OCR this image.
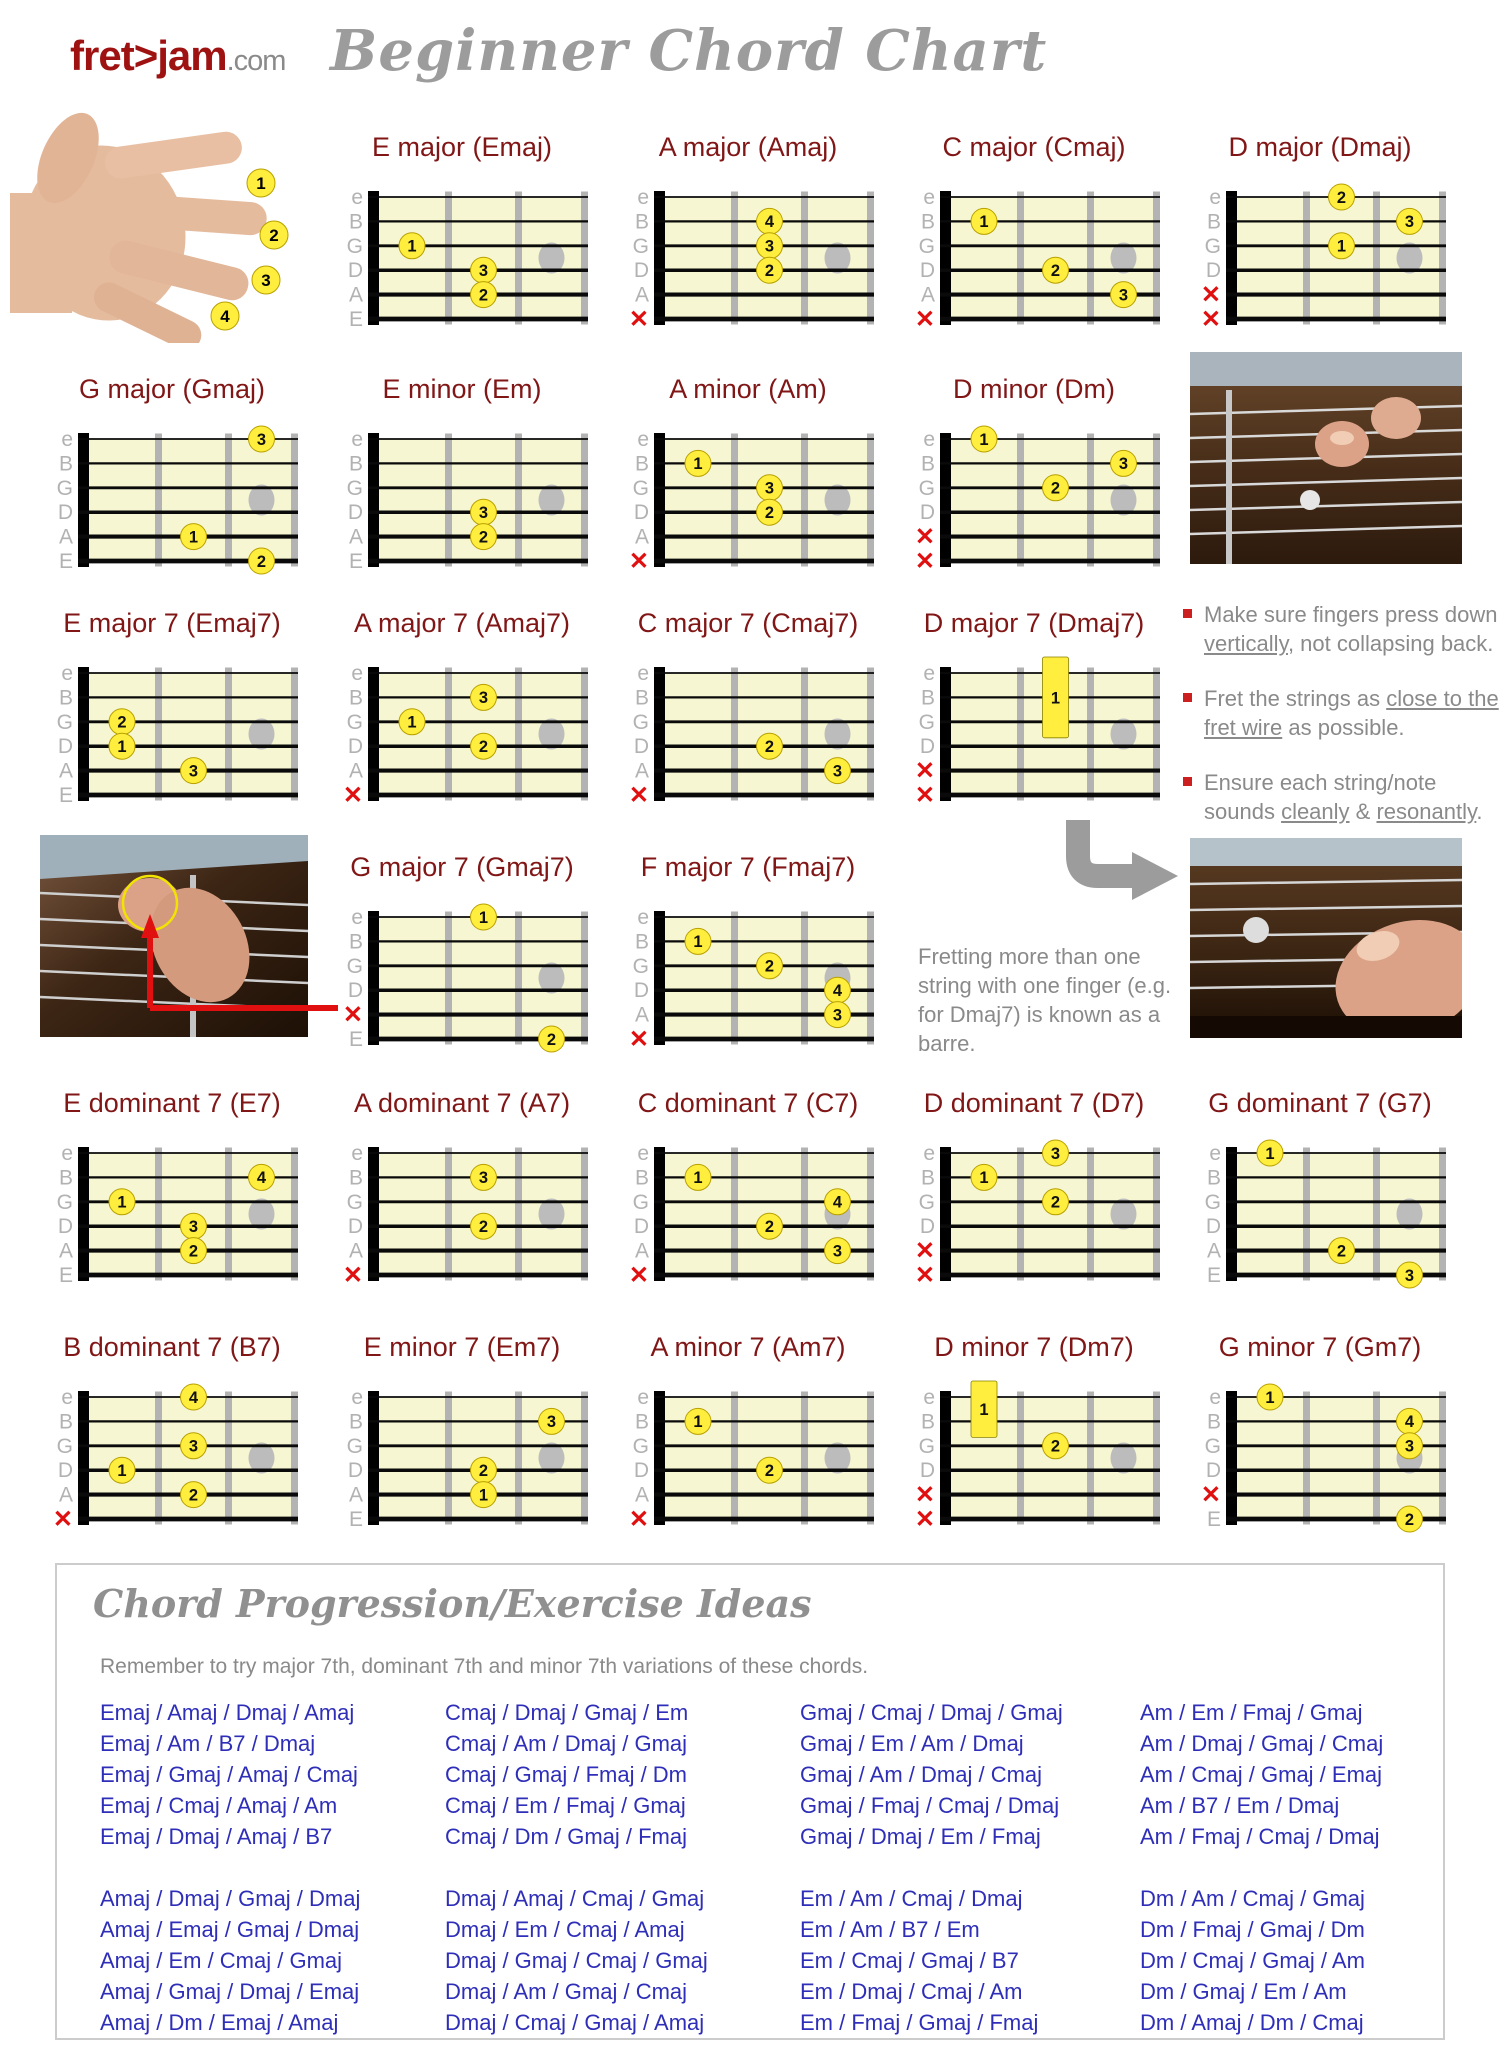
fret>jam.com Beginner Chord Chart
1
2
3
4
E major (Emaj)
e
B
G
D
A
E
1
3
2
A major (Amaj)
e
B
G
D
A
✕
4
3
2
C major (Cmaj)
e
B
G
D
A
✕
1
2
3
D major (Dmaj)
e
B
G
D
✕
✕
2
3
1
G major (Gmaj)
e
B
G
D
A
E
3
1
2
E minor (Em)
e
B
G
D
A
E
3
2
A minor (Am)
e
B
G
D
A
✕
1
3
2
D minor (Dm)
e
B
G
D
✕
✕
1
3
2
E major 7 (Emaj7)
e
B
G
D
A
E
2
1
3
A major 7 (Amaj7)
e
B
G
D
A
✕
3
1
2
C major 7 (Cmaj7)
e
B
G
D
A
✕
2
3
D major 7 (Dmaj7)
e
B
G
D
✕
✕
1
G major 7 (Gmaj7)
e
B
G
D
✕
E
1
2
F major 7 (Fmaj7)
e
B
G
D
A
✕
1
2
4
3
E dominant 7 (E7)
e
B
G
D
A
E
4
1
3
2
A dominant 7 (A7)
e
B
G
D
A
✕
3
2
C dominant 7 (C7)
e
B
G
D
A
✕
1
4
2
3
D dominant 7 (D7)
e
B
G
D
✕
✕
3
1
2
G dominant 7 (G7)
e
B
G
D
A
E
1
2
3
B dominant 7 (B7)
e
B
G
D
A
✕
4
3
1
2
E minor 7 (Em7)
e
B
G
D
A
E
3
2
1
A minor 7 (Am7)
e
B
G
D
A
✕
1
2
D minor 7 (Dm7)
e
B
G
D
✕
✕
1
2
G minor 7 (Gm7)
e
B
G
D
✕
E
1
4
3
2
Make sure fingers press down vertically, not collapsing back.
Fret the strings as close to the fret wire as possible.
Ensure each string/note sounds cleanly & resonantly.
Fretting more than one string with one finger (e.g. for Dmaj7) is known as a barre.
Chord Progression/Exercise Ideas
Remember to try major 7th, dominant 7th and minor 7th variations of these chords.
Emaj / Amaj / Dmaj / Amaj
Emaj / Am / B7 / Dmaj
Emaj / Gmaj / Amaj / Cmaj
Emaj / Cmaj / Amaj / Am
Emaj / Dmaj / Amaj / B7
Cmaj / Dmaj / Gmaj / Em
Cmaj / Am / Dmaj / Gmaj
Cmaj / Gmaj / Fmaj / Dm
Cmaj / Em / Fmaj / Gmaj
Cmaj / Dm / Gmaj / Fmaj
Gmaj / Cmaj / Dmaj / Gmaj
Gmaj / Em / Am / Dmaj
Gmaj / Am / Dmaj / Cmaj
Gmaj / Fmaj / Cmaj / Dmaj
Gmaj / Dmaj / Em / Fmaj
Am / Em / Fmaj / Gmaj
Am / Dmaj / Gmaj / Cmaj
Am / Cmaj / Gmaj / Emaj
Am / B7 / Em / Dmaj
Am / Fmaj / Cmaj / Dmaj
Amaj / Dmaj / Gmaj / Dmaj
Amaj / Emaj / Gmaj / Dmaj
Amaj / Em / Cmaj / Gmaj
Amaj / Gmaj / Dmaj / Emaj
Amaj / Dm / Emaj / Amaj
Dmaj / Amaj / Cmaj / Gmaj
Dmaj / Em / Cmaj / Amaj
Dmaj / Gmaj / Cmaj / Gmaj
Dmaj / Am / Gmaj / Cmaj
Dmaj / Cmaj / Gmaj / Amaj
Em / Am / Cmaj / Dmaj
Em / Am / B7 / Em
Em / Cmaj / Gmaj / B7
Em / Dmaj / Cmaj / Am
Em / Fmaj / Gmaj / Fmaj
Dm / Am / Cmaj / Gmaj
Dm / Fmaj / Gmaj / Dm
Dm / Cmaj / Gmaj / Am
Dm / Gmaj / Em / Am
Dm / Amaj / Dm / Cmaj
